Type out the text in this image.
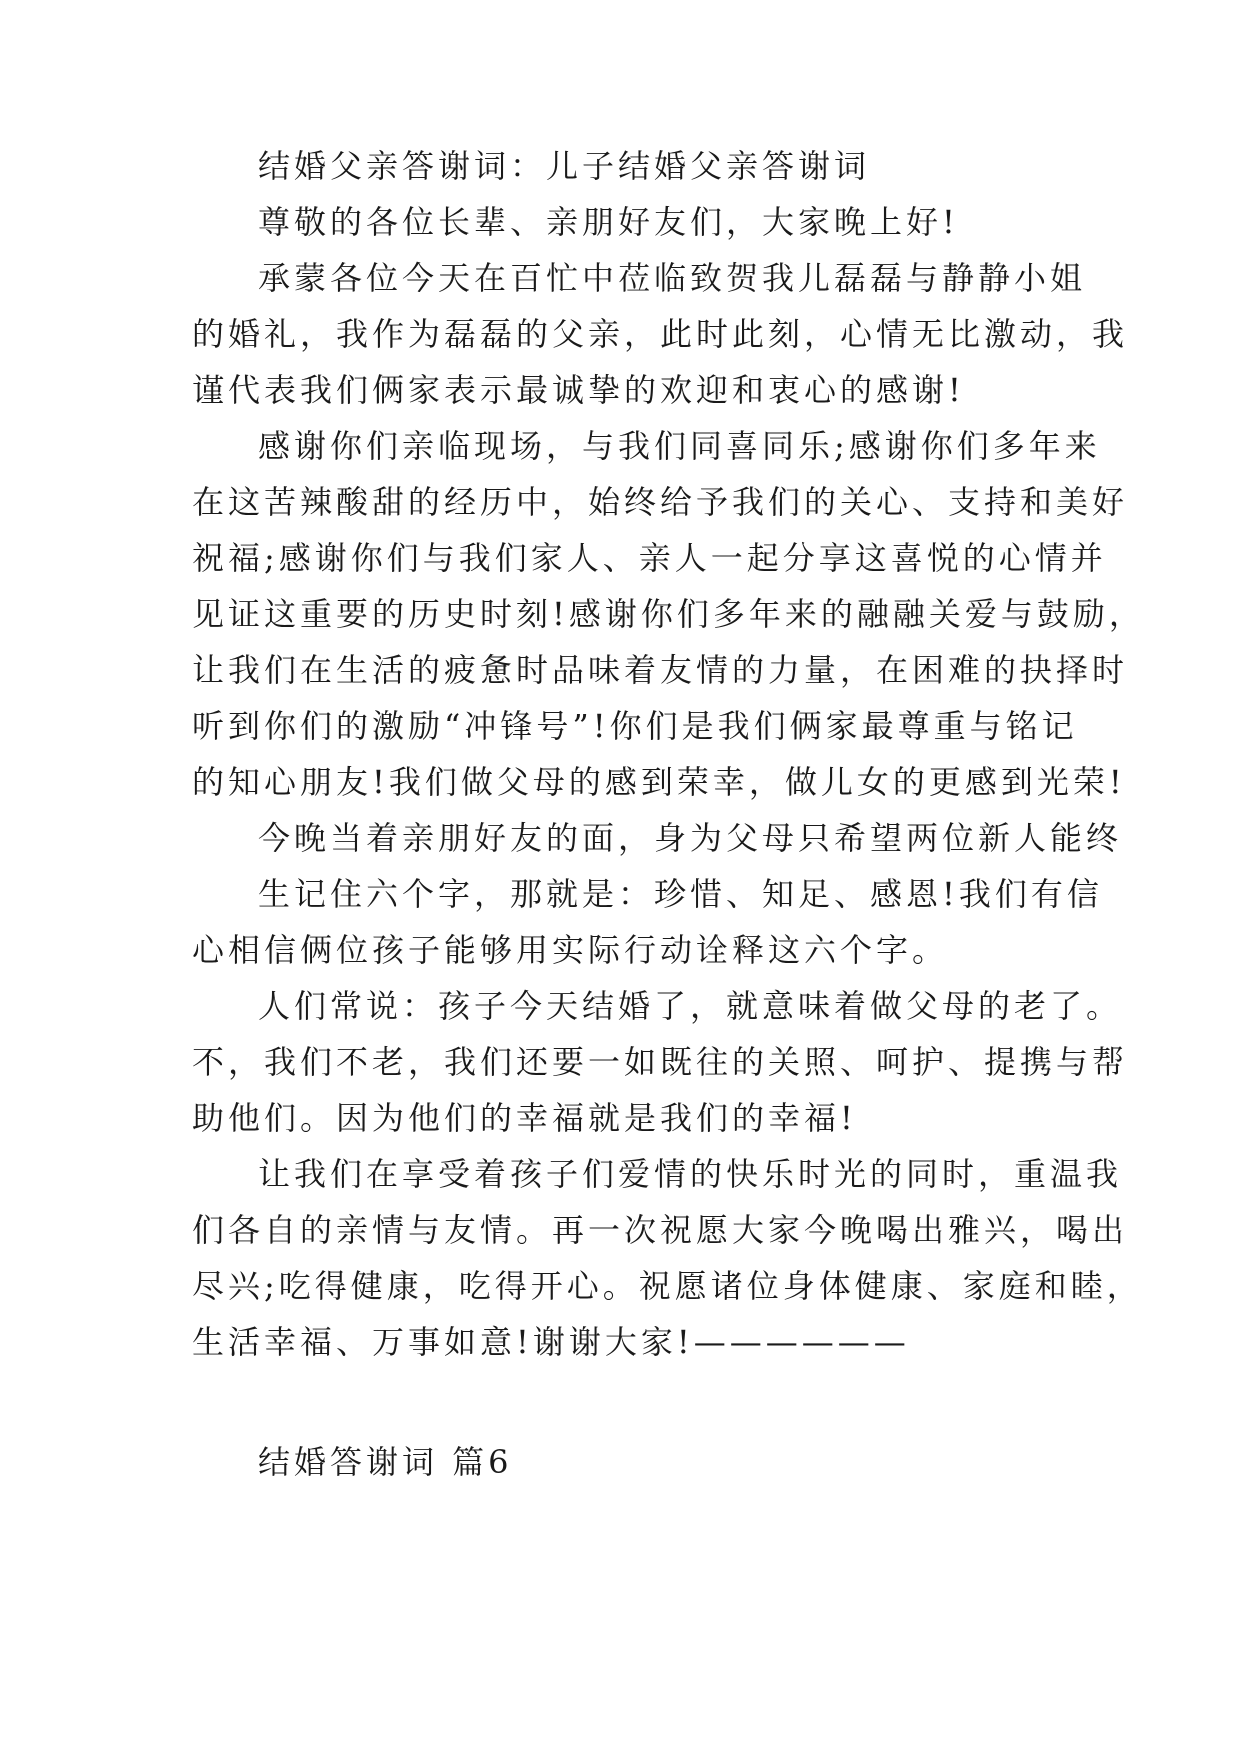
结婚父亲答谢词：儿子结婚父亲答谢词
尊敬的各位长辈、亲朋好友们，大家晚上好!
承蒙各位今天在百忙中莅临致贺我儿磊磊与静静小姐
的婚礼，我作为磊磊的父亲，此时此刻，心情无比激动，我
谨代表我们俩家表示最诚挚的欢迎和衷心的感谢!
感谢你们亲临现场，与我们同喜同乐;感谢你们多年来
在这苦辣酸甜的经历中，始终给予我们的关心、支持和美好
祝福;感谢你们与我们家人、亲人一起分享这喜悦的心情并
见证这重要的历史时刻!感谢你们多年来的融融关爱与鼓励，
让我们在生活的疲惫时品味着友情的力量，在困难的抉择时
听到你们的激励“冲锋号”!你们是我们俩家最尊重与铭记
的知心朋友!我们做父母的感到荣幸，做儿女的更感到光荣!
今晚当着亲朋好友的面，身为父母只希望两位新人能终
生记住六个字，那就是：珍惜、知足、感恩!我们有信
心相信俩位孩子能够用实际行动诠释这六个字。
人们常说：孩子今天结婚了，就意味着做父母的老了。
不，我们不老，我们还要一如既往的关照、呵护、提携与帮
助他们。因为他们的幸福就是我们的幸福!
让我们在享受着孩子们爱情的快乐时光的同时，重温我
们各自的亲情与友情。再一次祝愿大家今晚喝出雅兴，喝出
尽兴;吃得健康，吃得开心。祝愿诸位身体健康、家庭和睦，
生活幸福、万事如意!谢谢大家!——————
结婚答谢词 篇6
